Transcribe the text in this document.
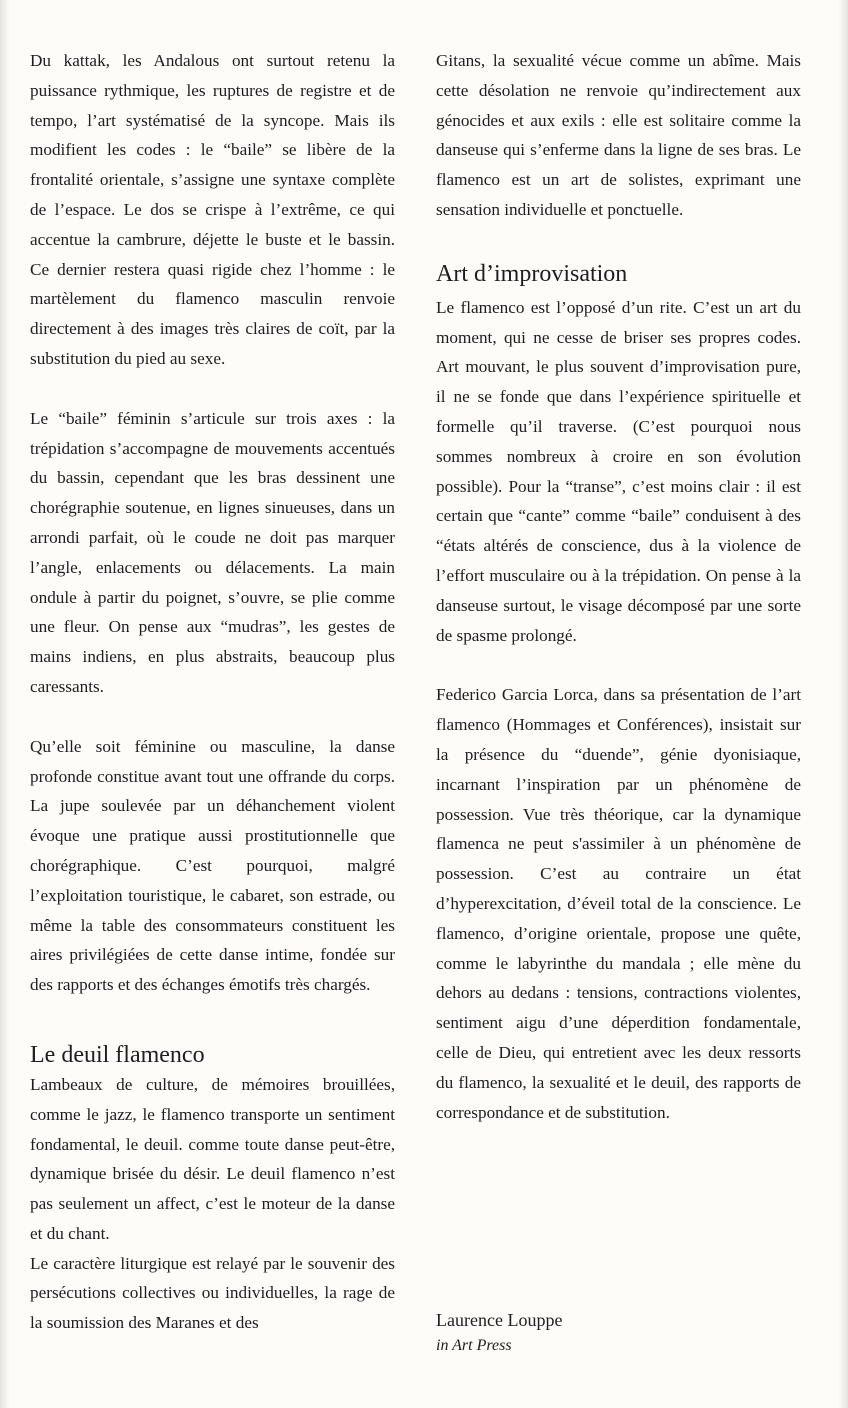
Du kattak, les Andalous ont surtout retenu la puissance rythmique, les ruptures de registre et de tempo, l’art systématisé de la syncope. Mais ils modifient les codes : le “baile” se libère de la frontalité orientale, s’assigne une syntaxe complète de l’espace. Le dos se crispe à l’extrême, ce qui accentue la cambrure, déjette le buste et le bassin. Ce dernier restera quasi rigide chez l’homme : le martèlement du flamenco masculin renvoie directement à des images très claires de coït, par la substitution du pied au sexe.

Le “baile” féminin s’articule sur trois axes : la trépidation s’accompagne de mouvements accentués du bassin, cependant que les bras dessinent une chorégraphie soutenue, en lignes sinueuses, dans un arrondi parfait, où le coude ne doit pas marquer l’angle, enlacements ou délacements. La main ondule à partir du poignet, s’ouvre, se plie comme une fleur. On pense aux “mudras”, les gestes de mains indiens, en plus abstraits, beaucoup plus caressants.

Qu’elle soit féminine ou masculine, la danse profonde constitue avant tout une offrande du corps. La jupe soulevée par un déhanchement violent évoque une pratique aussi prostitutionnelle que chorégraphique. C’est pourquoi, malgré l’exploitation touristique, le cabaret, son estrade, ou même la table des consommateurs constituent les aires privilégiées de cette danse intime, fondée sur des rapports et des échanges émotifs très chargés.

Le deuil flamenco

Lambeaux de culture, de mémoires brouillées, comme le jazz, le flamenco transporte un sentiment fondamental, le deuil. comme toute danse peut-être, dynamique brisée du désir. Le deuil flamenco n’est pas seulement un affect, c’est le moteur de la danse et du chant.

Le caractère liturgique est relayé par le souvenir des persécutions collectives ou individuelles, la rage de la soumission des Maranes et des

Gitans, la sexualité vécue comme un abîme. Mais cette désolation ne renvoie qu’indirectement aux génocides et aux exils : elle est solitaire comme la danseuse qui s’enferme dans la ligne de ses bras. Le flamenco est un art de solistes, exprimant une sensation individuelle et ponctuelle.

Art d’improvisation

Le flamenco est l’opposé d’un rite. C’est un art du moment, qui ne cesse de briser ses propres codes. Art mouvant, le plus souvent d’improvisation pure, il ne se fonde que dans l’expérience spirituelle et formelle qu’il traverse. (C’est pourquoi nous sommes nombreux à croire en son évolution possible). Pour la “transe”, c’est moins clair : il est certain que “cante” comme “baile” conduisent à des “états altérés de conscience, dus à la violence de l’effort musculaire ou à la trépidation. On pense à la danseuse surtout, le visage décomposé par une sorte de spasme prolongé.

Federico Garcia Lorca, dans sa présentation de l’art flamenco (Hommages et Conférences), insistait sur la présence du “duende”, génie dyonisiaque, incarnant l’inspiration par un phénomène de possession. Vue très théorique, car la dynamique flamenca ne peut s'assimiler à un phénomène de possession. C’est au contraire un état d’hyperexcitation, d’éveil total de la conscience. Le flamenco, d’origine orientale, propose une quête, comme le labyrinthe du mandala ; elle mène du dehors au dedans : tensions, contractions violentes, sentiment aigu d’une déperdition fondamentale, celle de Dieu, qui entretient avec les deux ressorts du flamenco, la sexualité et le deuil, des rapports de correspondance et de substitution.

Laurence Louppe
in Art Press
